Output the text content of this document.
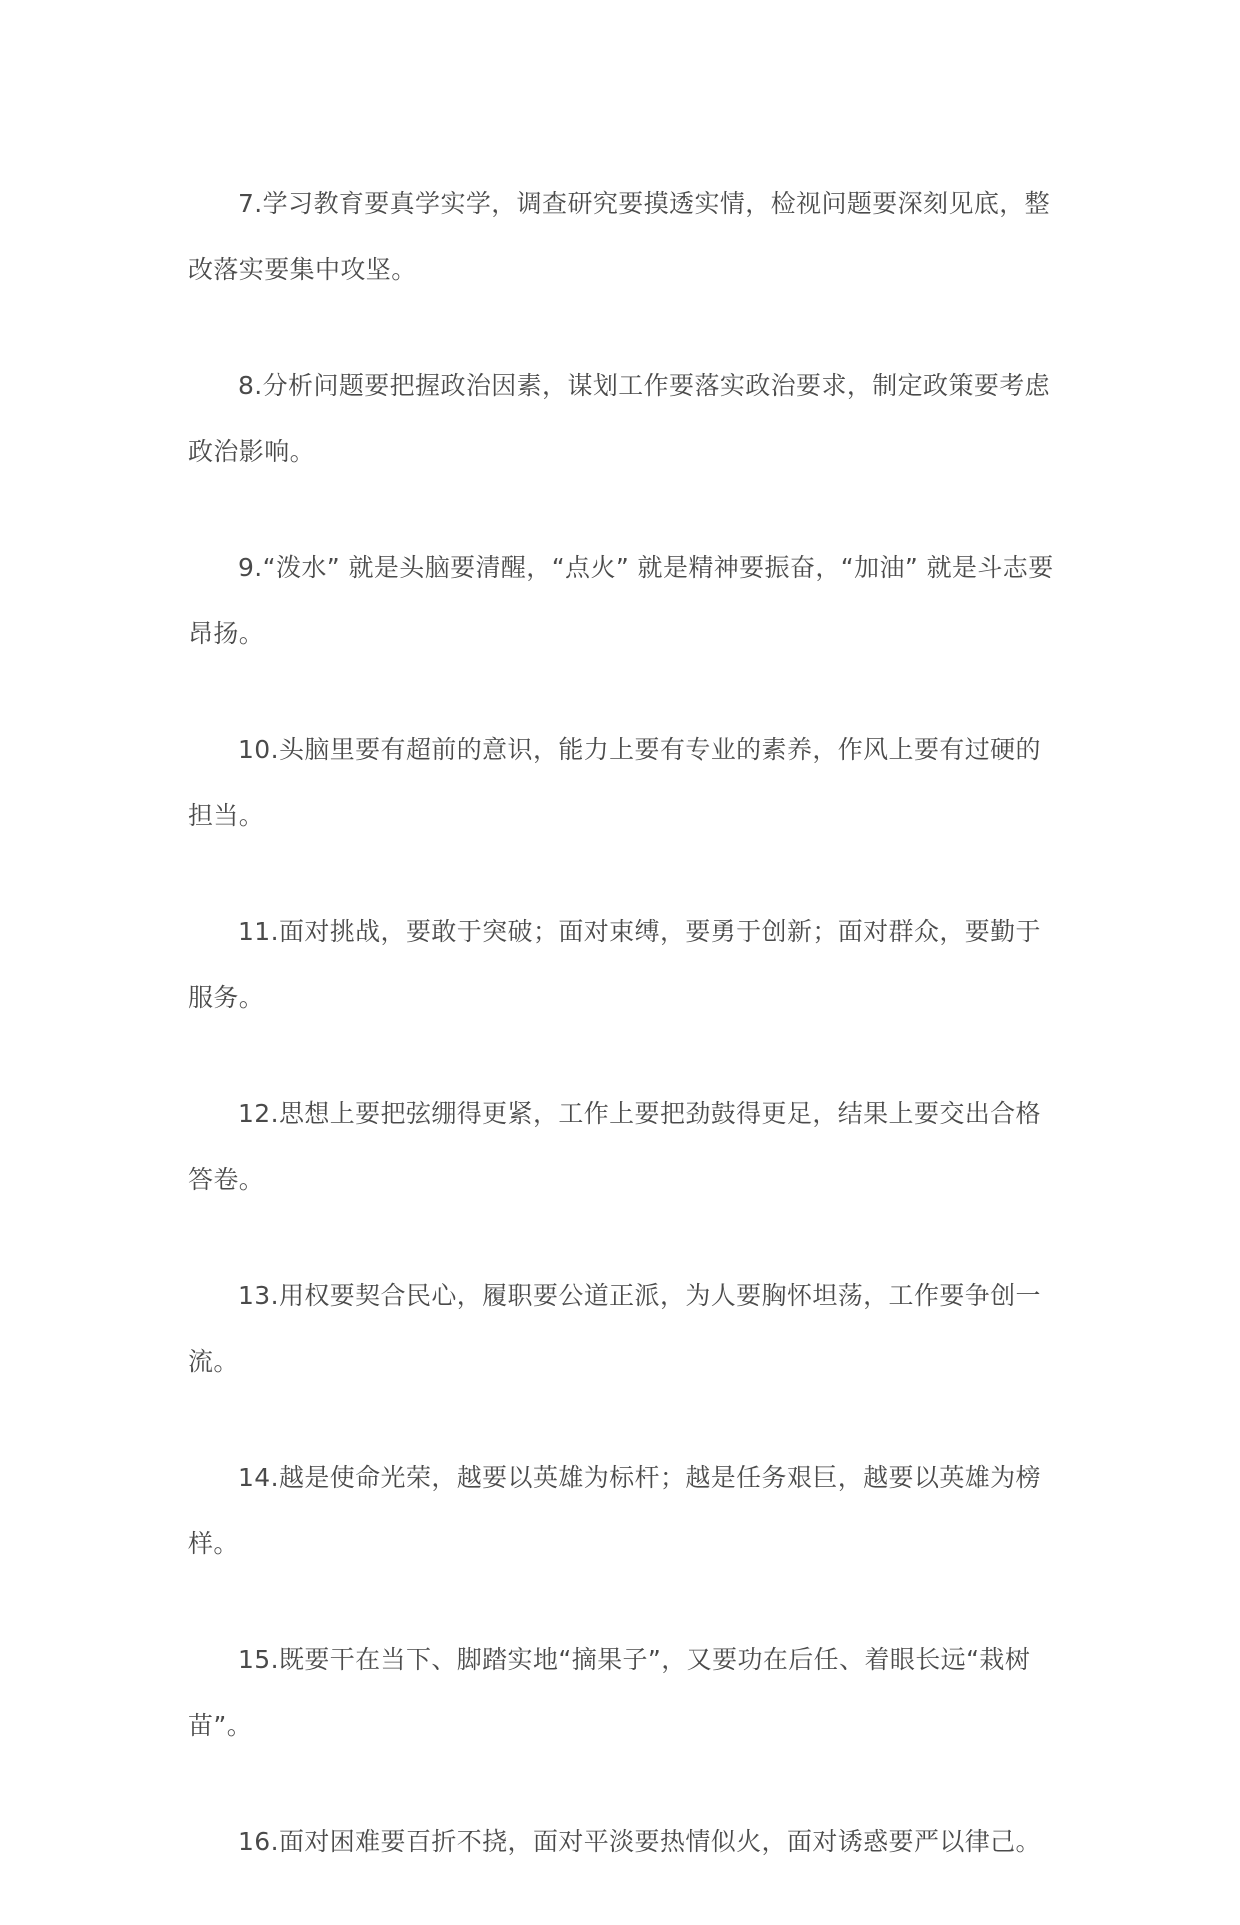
7.学习教育要真学实学，调查研究要摸透实情，检视问题要深刻见底，整改落实要集中攻坚。

8.分析问题要把握政治因素，谋划工作要落实政治要求，制定政策要考虑政治影响。

9.“泼水” 就是头脑要清醒，“点火” 就是精神要振奋，“加油” 就是斗志要昂扬。

10.头脑里要有超前的意识，能力上要有专业的素养，作风上要有过硬的担当。

11.面对挑战，要敢于突破；面对束缚，要勇于创新；面对群众，要勤于服务。

12.思想上要把弦绷得更紧，工作上要把劲鼓得更足，结果上要交出合格答卷。

13.用权要契合民心，履职要公道正派，为人要胸怀坦荡，工作要争创一流。

14.越是使命光荣，越要以英雄为标杆；越是任务艰巨，越要以英雄为榜样。

15.既要干在当下、脚踏实地“摘果子”，又要功在后任、着眼长远“栽树苗”。

16.面对困难要百折不挠，面对平淡要热情似火，面对诱惑要严以律己。
